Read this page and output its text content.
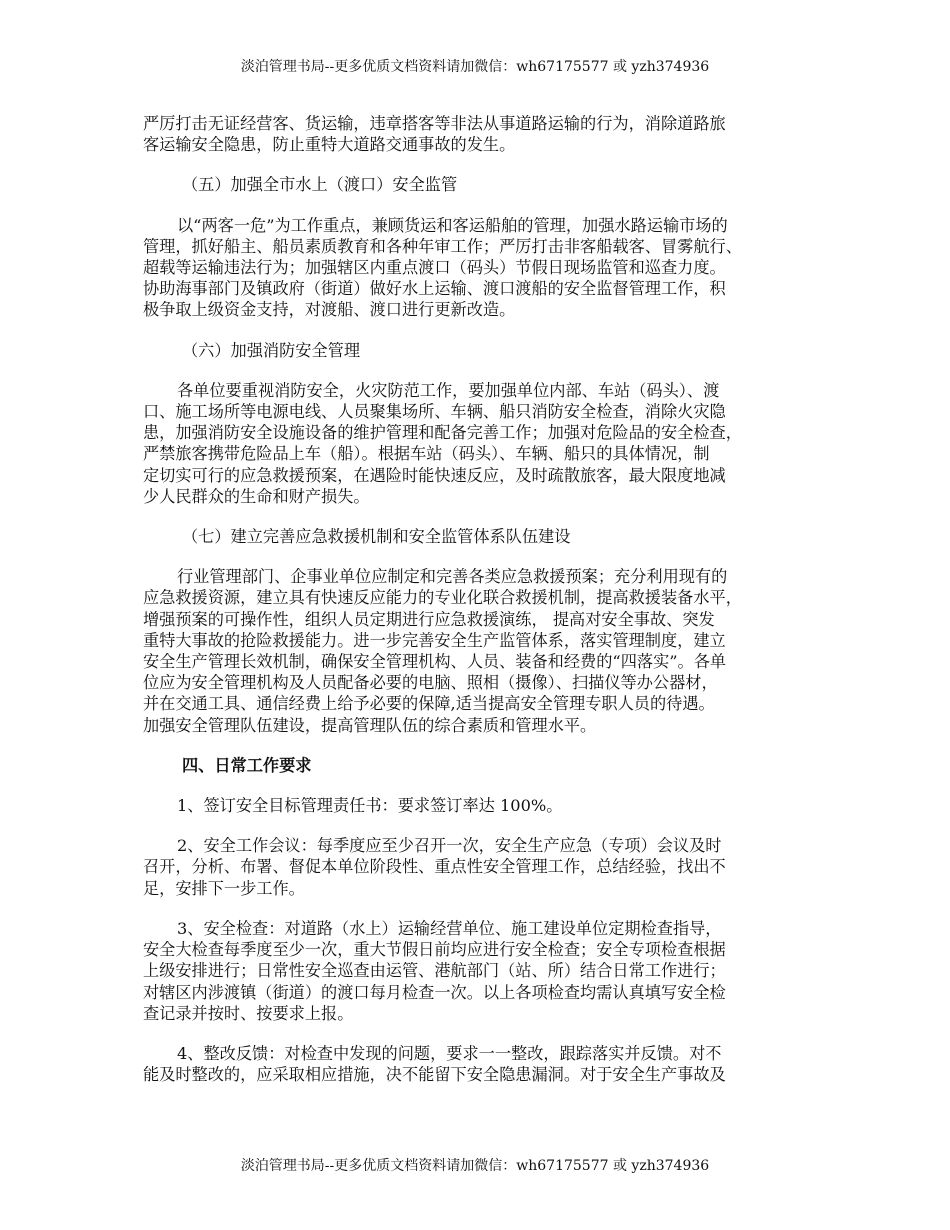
淡泊管理书局--更多优质文档资料请加微信：wh67175577 或 yzh374936

严厉打击无证经营客、货运输，违章搭客等非法从事道路运输的行为，消除道路旅
客运输安全隐患，防止重特大道路交通事故的发生。

（五）加强全市水上（渡口）安全监管

以“两客一危”为工作重点，兼顾货运和客运船舶的管理，加强水路运输市场的
管理，抓好船主、船员素质教育和各种年审工作；严厉打击非客船载客、冒雾航行、
超载等运输违法行为；加强辖区内重点渡口（码头）节假日现场监管和巡查力度。
协助海事部门及镇政府（街道）做好水上运输、渡口渡船的安全监督管理工作，积
极争取上级资金支持，对渡船、渡口进行更新改造。

（六）加强消防安全管理

各单位要重视消防安全，火灾防范工作，要加强单位内部、车站（码头）、渡
口、施工场所等电源电线、人员聚集场所、车辆、船只消防安全检查，消除火灾隐
患，加强消防安全设施设备的维护管理和配备完善工作；加强对危险品的安全检查，
严禁旅客携带危险品上车（船）。根据车站（码头）、车辆、船只的具体情况，制
定切实可行的应急救援预案，在遇险时能快速反应，及时疏散旅客，最大限度地减
少人民群众的生命和财产损失。

（七）建立完善应急救援机制和安全监管体系队伍建设

行业管理部门、企事业单位应制定和完善各类应急救援预案；充分利用现有的
应急救援资源，建立具有快速反应能力的专业化联合救援机制，提高救援装备水平，
增强预案的可操作性，组织人员定期进行应急救援演练， 提高对安全事故、突发
重特大事故的抢险救援能力。进一步完善安全生产监管体系，落实管理制度，建立
安全生产管理长效机制，确保安全管理机构、人员、装备和经费的“四落实”。各单
位应为安全管理机构及人员配备必要的电脑、照相（摄像）、扫描仪等办公器材，
并在交通工具、通信经费上给予必要的保障,适当提高安全管理专职人员的待遇。
加强安全管理队伍建设，提高管理队伍的综合素质和管理水平。

四、日常工作要求

1、签订安全目标管理责任书：要求签订率达 100%。

2、安全工作会议：每季度应至少召开一次，安全生产应急（专项）会议及时
召开，分析、布署、督促本单位阶段性、重点性安全管理工作，总结经验，找出不
足，安排下一步工作。

3、安全检查：对道路（水上）运输经营单位、施工建设单位定期检查指导，
安全大检查每季度至少一次，重大节假日前均应进行安全检查；安全专项检查根据
上级安排进行；日常性安全巡查由运管、港航部门（站、所）结合日常工作进行；
对辖区内涉渡镇（街道）的渡口每月检查一次。以上各项检查均需认真填写安全检
查记录并按时、按要求上报。

4、整改反馈：对检查中发现的问题，要求一一整改，跟踪落实并反馈。对不
能及时整改的，应采取相应措施，决不能留下安全隐患漏洞。对于安全生产事故及

淡泊管理书局--更多优质文档资料请加微信：wh67175577 或 yzh374936
